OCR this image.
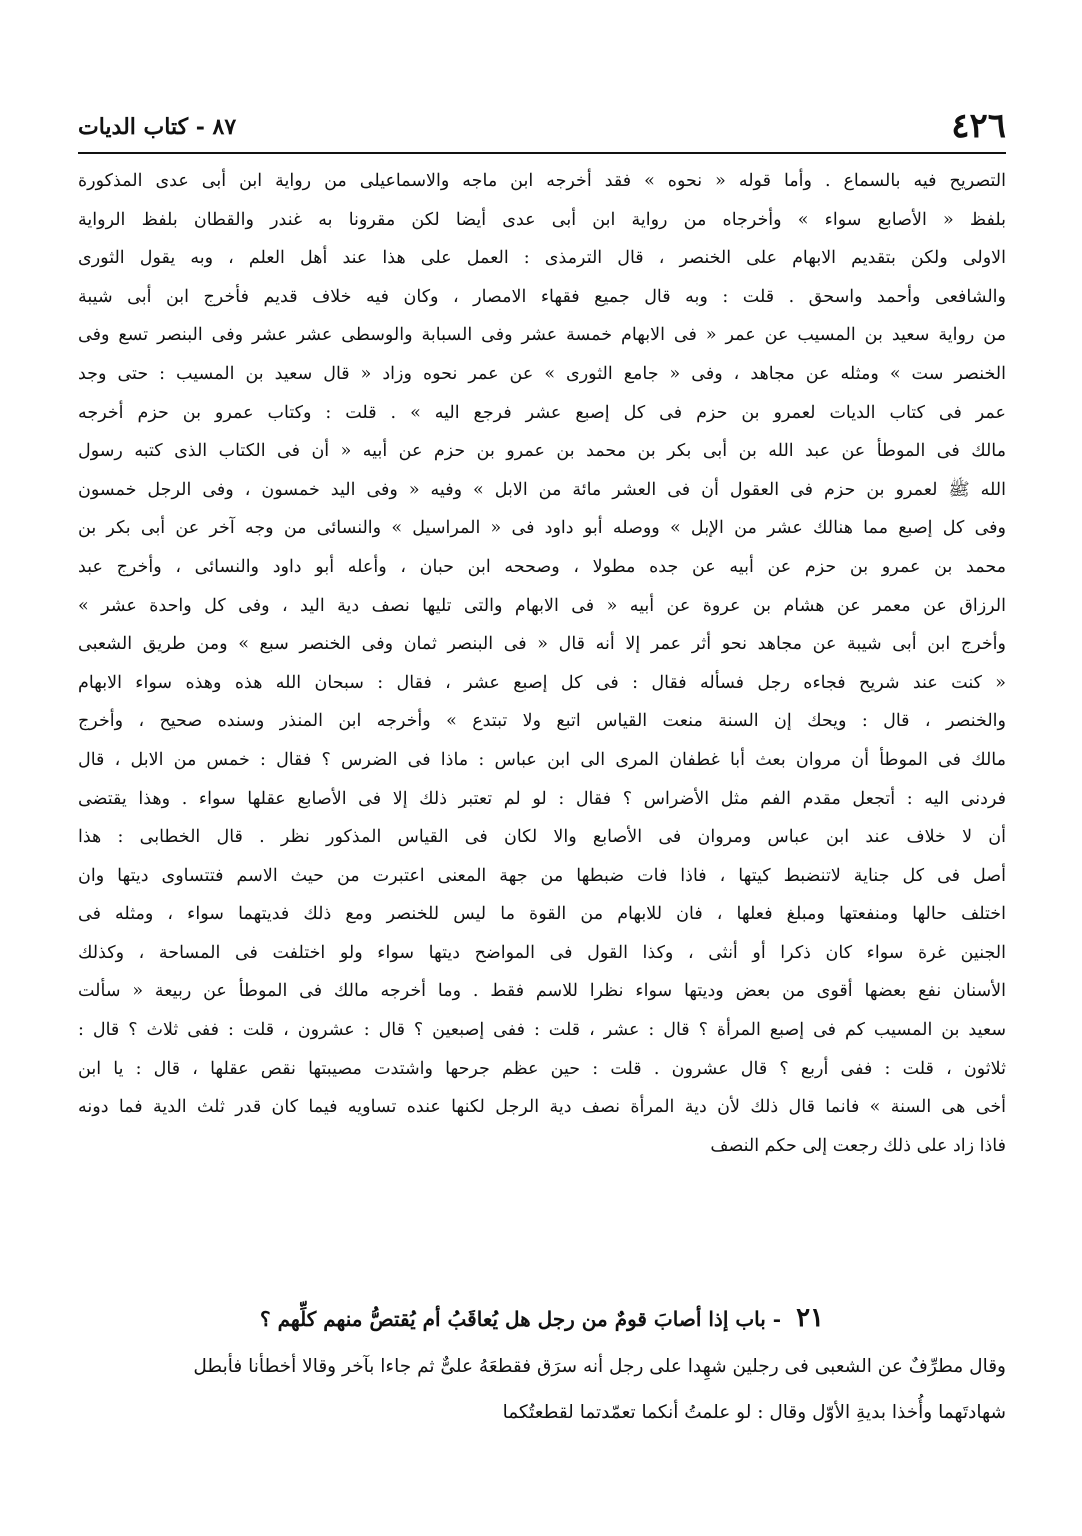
٤٢٦
٨٧ - كتاب الديات
التصريح فيه بالسماع . وأما قوله « نحوه » فقد أخرجه ابن ماجه والاسماعيلى من رواية ابن أبى عدى المذكورة
بلفظ « الأصابع سواء » وأخرجاه من رواية ابن أبى عدى أيضا لكن مقرونا به غندر والقطان بلفظ الرواية
الاولى ولكن بتقديم الابهام على الخنصر ، قال الترمذى : العمل على هذا عند أهل العلم ، وبه يقول الثورى
والشافعى وأحمد واسحق . قلت : وبه قال جميع فقهاء الامصار ، وكان فيه خلاف قديم فأخرج ابن أبى شيبة
من رواية سعيد بن المسيب عن عمر « فى الابهام خمسة عشر وفى السبابة والوسطى عشر عشر وفى البنصر تسع وفى
الخنصر ست » ومثله عن مجاهد ، وفى « جامع الثورى » عن عمر نحوه وزاد « قال سعيد بن المسيب : حتى وجد
عمر فى كتاب الديات لعمرو بن حزم فى كل إصبع عشر فرجع اليه » . قلت : وكتاب عمرو بن حزم أخرجه
مالك فى الموطأ عن عبد الله بن أبى بكر بن محمد بن عمرو بن حزم عن أبيه « أن فى الكتاب الذى كتبه رسول
الله ﷺ لعمرو بن حزم فى العقول أن فى العشر مائة من الابل » وفيه « وفى اليد خمسون ، وفى الرجل خمسون
وفى كل إصبع مما هنالك عشر من الإبل » ووصله أبو داود فى « المراسيل » والنسائى من وجه آخر عن أبى بكر بن
محمد بن عمرو بن حزم عن أبيه عن جده مطولا ، وصححه ابن حبان ، وأعله أبو داود والنسائى ، وأخرج عبد
الرزاق عن معمر عن هشام بن عروة عن أبيه « فى الابهام والتى تليها نصف دية اليد ، وفى كل واحدة عشر »
وأخرج ابن أبى شيبة عن مجاهد نحو أثر عمر إلا أنه قال « فى البنصر ثمان وفى الخنصر سبع » ومن طريق الشعبى
« كنت عند شريح فجاءه رجل فسأله فقال : فى كل إصبع عشر ، فقال : سبحان الله هذه وهذه سواء الابهام
والخنصر ، قال : ويحك إن السنة منعت القياس اتبع ولا تبتدع » وأخرجه ابن المنذر وسنده صحيح ، وأخرج
مالك فى الموطأ أن مروان بعث أبا غطفان المرى الى ابن عباس : ماذا فى الضرس ؟ فقال : خمس من الابل ، قال
فردنى اليه : أتجعل مقدم الفم مثل الأضراس ؟ فقال : لو لم تعتبر ذلك إلا فى الأصابع عقلها سواء . وهذا يقتضى
أن لا خلاف عند ابن عباس ومروان فى الأصابع والا لكان فى القياس المذكور نظر . قال الخطابى : هذا
أصل فى كل جناية لاتنضبط كيتها ، فاذا فات ضبطها من جهة المعنى اعتبرت من حيث الاسم فتتساوى ديتها وان
اختلف حالها ومنفعتها ومبلغ فعلها ، فان للابهام من القوة ما ليس للخنصر ومع ذلك فديتهما سواء ، ومثله فى
الجنين غرة سواء كان ذكرا أو أنثى ، وكذا القول فى المواضح ديتها سواء ولو اختلفت فى المساحة ، وكذلك
الأسنان نفع بعضها أقوى من بعض وديتها سواء نظرا للاسم فقط . وما أخرجه مالك فى الموطأ عن ربيعة « سألت
سعيد بن المسيب كم فى إصبع المرأة ؟ قال : عشر ، قلت : ففى إصبعين ؟ قال : عشرون ، قلت : ففى ثلاث ؟ قال :
ثلاثون ، قلت : ففى أربع ؟ قال عشرون . قلت : حين عظم جرحها واشتدت مصيبتها نقص عقلها ، قال : يا ابن
أخى هى السنة » فانما قال ذلك لأن دية المرأة نصف دية الرجل لكنها عنده تساويه فيما كان قدر ثلث الدية فما دونه
فاذا زاد على ذلك رجعت إلى حكم النصف
٢١ - باب إذا أصابَ قومٌ من رجل هل يُعاقَبُ أم يُقتصُّ منهم كلِّهم ؟
وقال مطرِّفٌ عن الشعبى فى رجلين شهِدا على رجل أنه سرَق فقطعَهُ علىٌّ ثم جاءا بآخر وقالا أخطأنا فأبطل
شهادتَهما وأُخذا بديةِ الأوّل وقال : لو علمتُ أنكما تعمّدتما لقطعتُكما
